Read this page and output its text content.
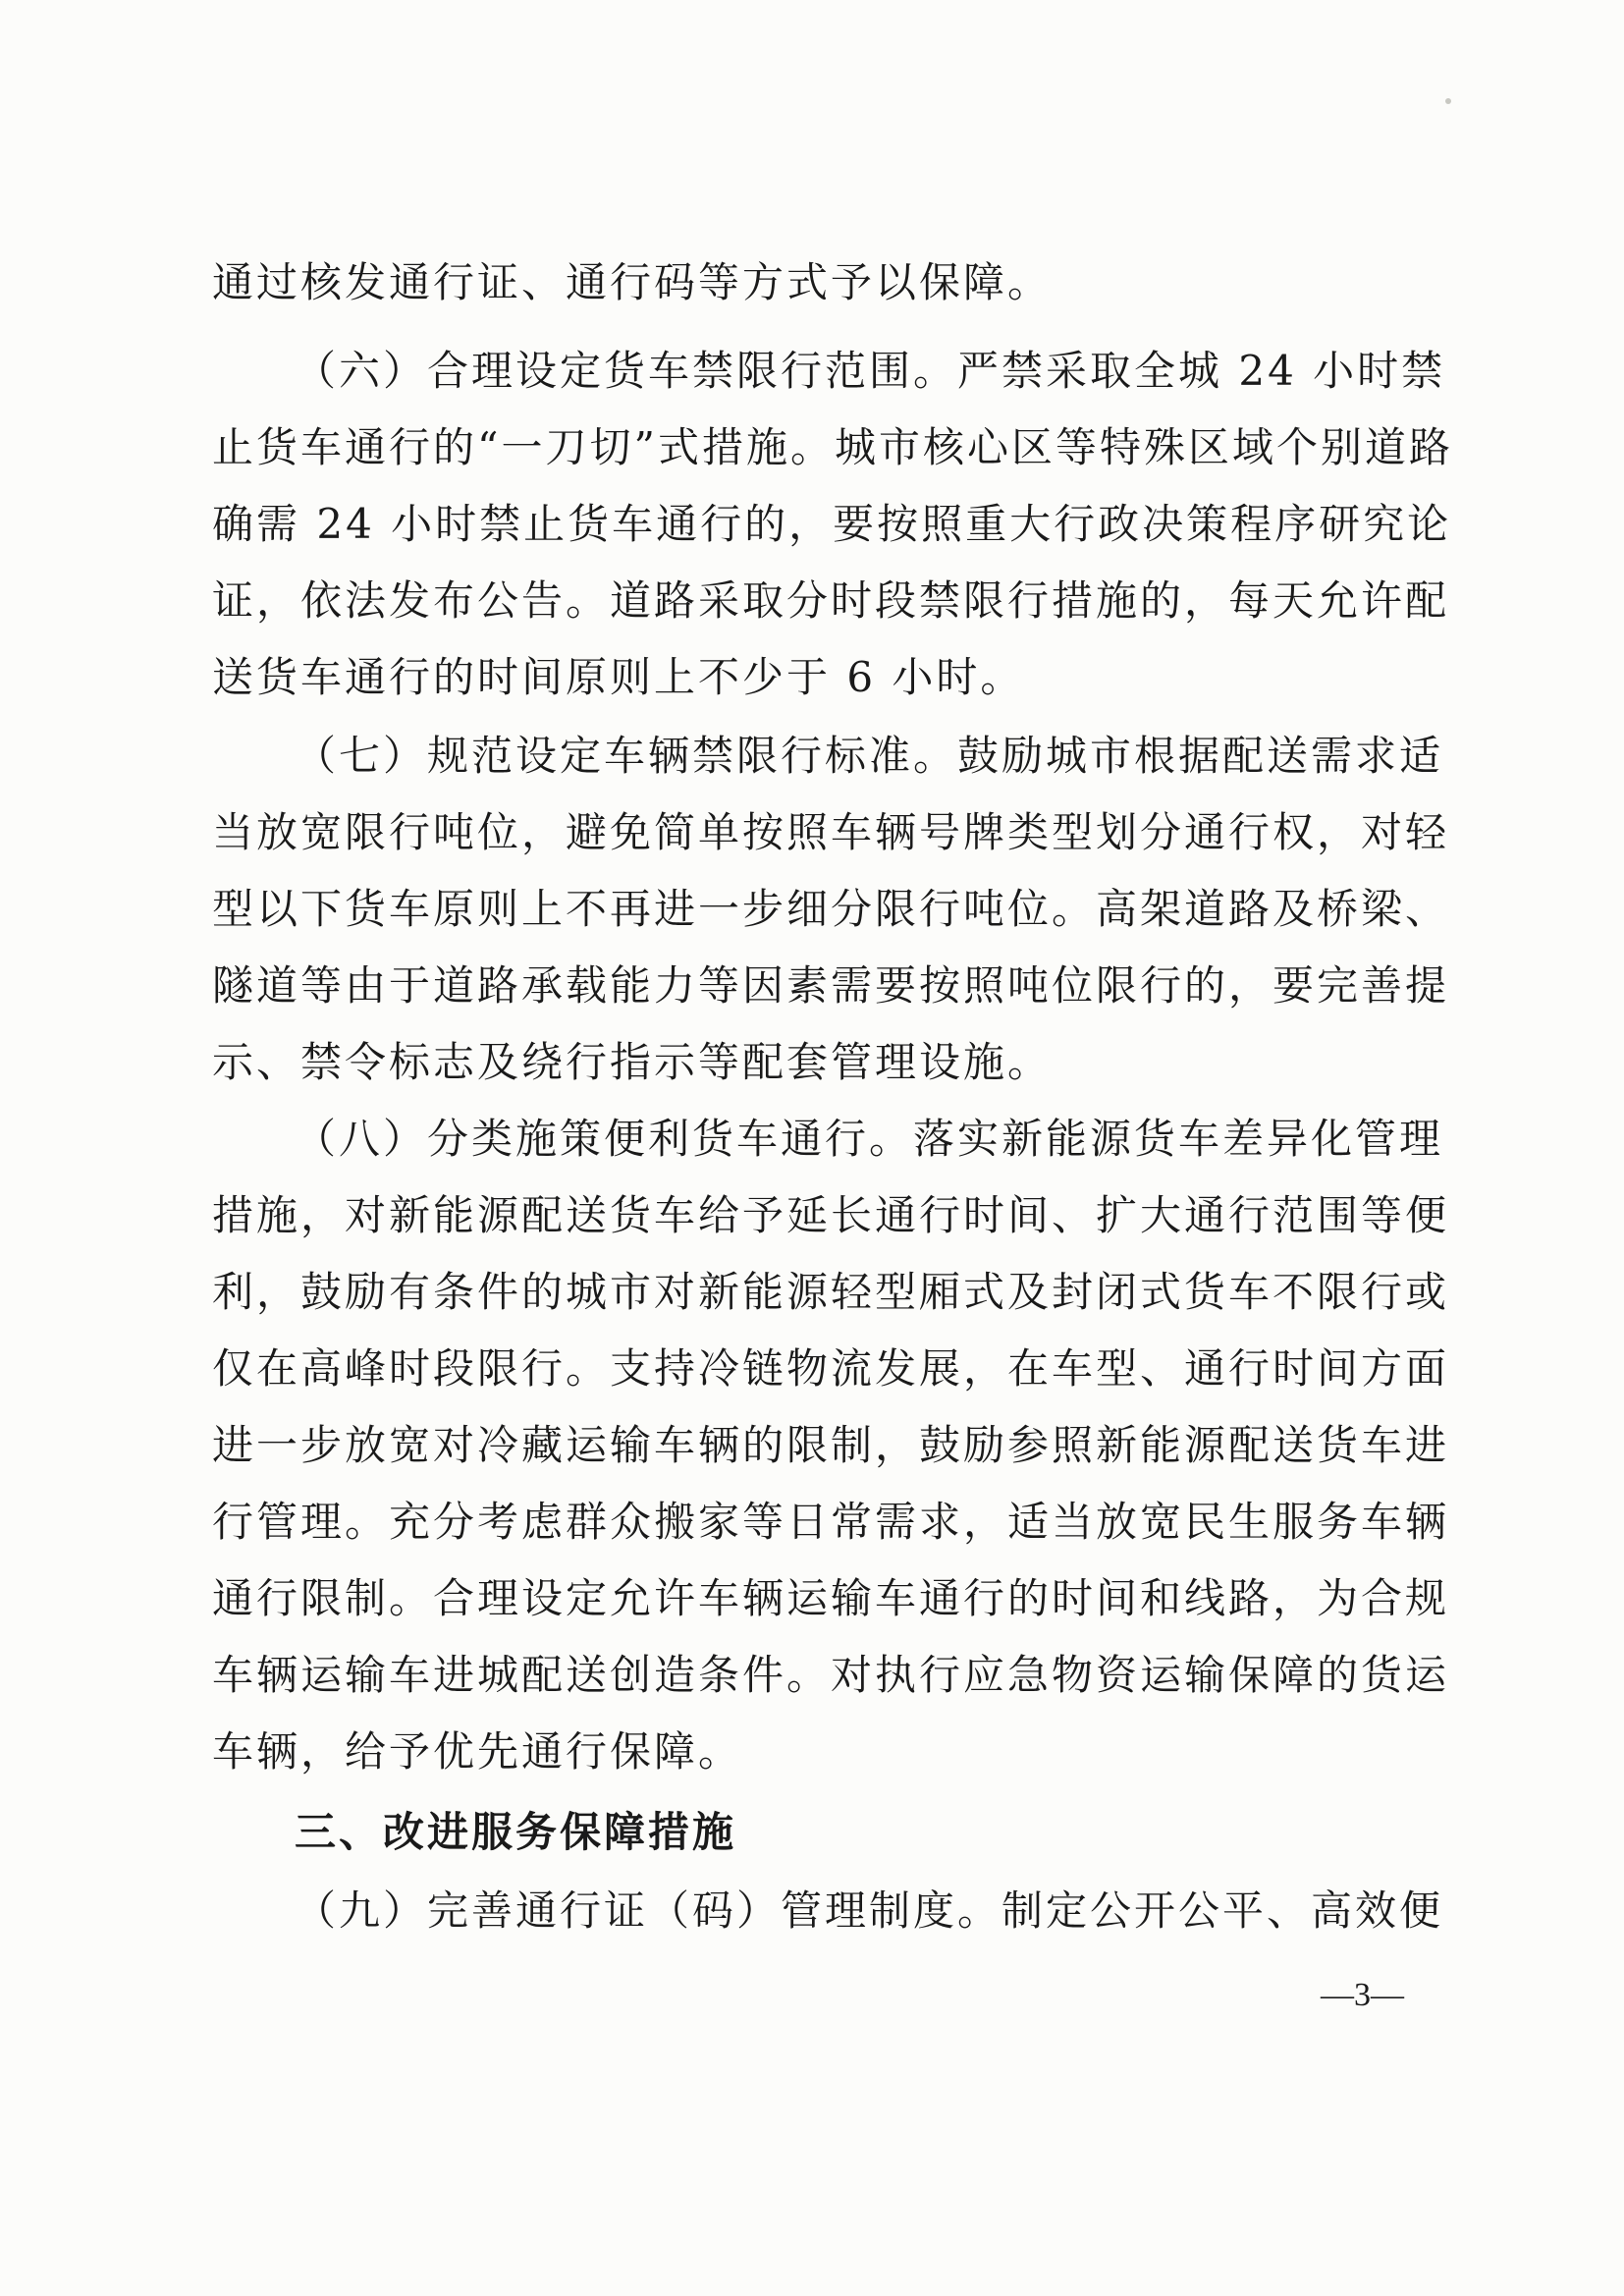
通过核发通行证、通行码等方式予以保障。
（六）合理设定货车禁限行范围。严禁采取全城 24 小时禁
止货车通行的“一刀切”式措施。城市核心区等特殊区域个别道路
确需 24 小时禁止货车通行的，要按照重大行政决策程序研究论
证，依法发布公告。道路采取分时段禁限行措施的，每天允许配
送货车通行的时间原则上不少于 6 小时。
（七）规范设定车辆禁限行标准。鼓励城市根据配送需求适
当放宽限行吨位，避免简单按照车辆号牌类型划分通行权，对轻
型以下货车原则上不再进一步细分限行吨位。高架道路及桥梁、
隧道等由于道路承载能力等因素需要按照吨位限行的，要完善提
示、禁令标志及绕行指示等配套管理设施。
（八）分类施策便利货车通行。落实新能源货车差异化管理
措施，对新能源配送货车给予延长通行时间、扩大通行范围等便
利，鼓励有条件的城市对新能源轻型厢式及封闭式货车不限行或
仅在高峰时段限行。支持冷链物流发展，在车型、通行时间方面
进一步放宽对冷藏运输车辆的限制，鼓励参照新能源配送货车进
行管理。充分考虑群众搬家等日常需求，适当放宽民生服务车辆
通行限制。合理设定允许车辆运输车通行的时间和线路，为合规
车辆运输车进城配送创造条件。对执行应急物资运输保障的货运
车辆，给予优先通行保障。
三、改进服务保障措施
（九）完善通行证（码）管理制度。制定公开公平、高效便
—3—
